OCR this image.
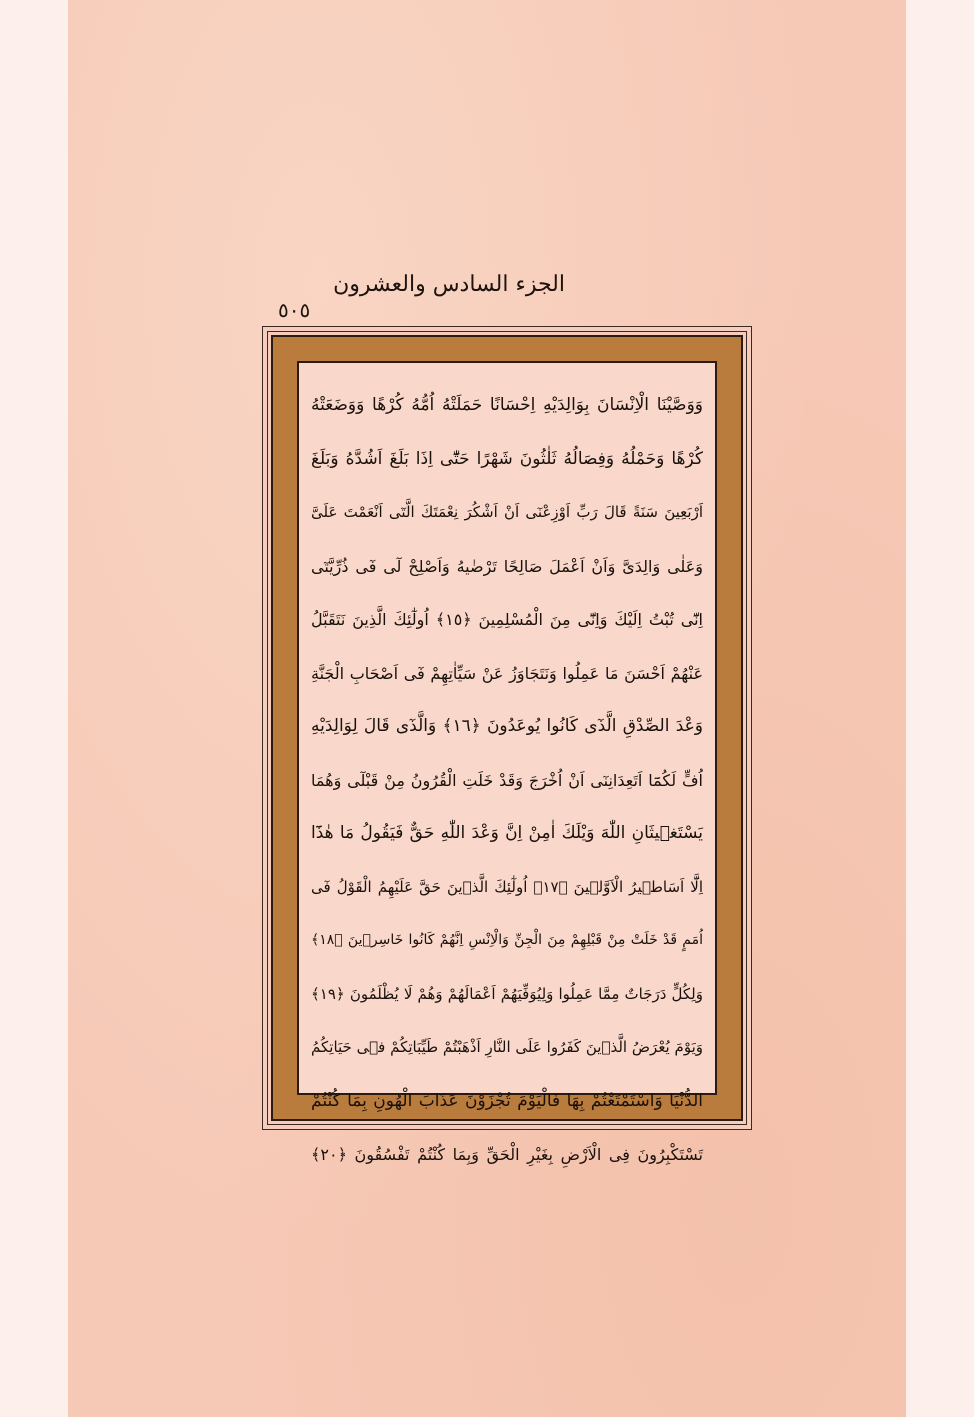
الجزء السادس والعشرون
٥٠٥
وَوَصَّيْنَا الْاِنْسَانَ بِوَالِدَيْهِ اِحْسَانًا حَمَلَتْهُ اُمُّهُ كُرْهًا وَوَضَعَتْهُ
كُرْهًا وَحَمْلُهُ وَفِصَالُهُ ثَلٰثُونَ شَهْرًا حَتّٰٓى اِذَا بَلَغَ اَشُدَّهُ وَبَلَغَ
اَرْبَعِينَ سَنَةً قَالَ رَبِّ اَوْزِعْنٓى اَنْ اَشْكُرَ نِعْمَتَكَ الَّتٓى اَنْعَمْتَ عَلَىَّ
وَعَلٰى وَالِدَىَّ وَاَنْ اَعْمَلَ صَالِحًا تَرْضٰيهُ وَاَصْلِحْ لٓى فٓى ذُرِّيَّتٓى
اِنّٓى تُبْتُ اِلَيْكَ وَاِنّٓى مِنَ الْمُسْلِمِينَ ﴿١٥﴾ اُولٰٓئِكَ الَّذِينَ نَتَقَبَّلُ
عَنْهُمْ اَحْسَنَ مَا عَمِلُوا وَنَتَجَاوَزُ عَنْ سَيِّاٰتِهِمْ فٓى اَصْحَابِ الْجَنَّةِ
وَعْدَ الصِّدْقِ الَّذٓى كَانُوا يُوعَدُونَ ﴿١٦﴾ وَالَّذٓى قَالَ لِوَالِدَيْهِ
اُفٍّ لَكُمَٓا اَتَعِدَانِنٓى اَنْ اُخْرَجَ وَقَدْ خَلَتِ الْقُرُونُ مِنْ قَبْلٓى وَهُمَا
يَسْتَغٖيثَانِ اللّٰهَ وَيْلَكَ اٰمِنْ اِنَّ وَعْدَ اللّٰهِ حَقٌّ فَيَقُولُ مَا هٰذَٓا
اِلَّٓا اَسَاطٖيرُ الْاَوَّلٖينَ ﴿١٧﴾ اُولٰٓئِكَ الَّذٖينَ حَقَّ عَلَيْهِمُ الْقَوْلُ فٓى
اُمَمٍ قَدْ خَلَتْ مِنْ قَبْلِهِمْ مِنَ الْجِنِّ وَالْاِنْسِ اِنَّهُمْ كَانُوا خَاسِرٖينَ ﴿١٨﴾
وَلِكُلٍّ دَرَجَاتٌ مِمَّا عَمِلُوا وَلِيُوَفِّيَهُمْ اَعْمَالَهُمْ وَهُمْ لَا يُظْلَمُونَ ﴿١٩﴾
وَيَوْمَ يُعْرَضُ الَّذٖينَ كَفَرُوا عَلَى النَّارِ اَذْهَبْتُمْ طَيِّبَاتِكُمْ فٖى حَيَاتِكُمُ
الدُّنْيَا وَاسْتَمْتَعْتُمْ بِهَا فَالْيَوْمَ تُجْزَوْنَ عَذَابَ الْهُونِ بِمَا كُنْتُمْ
تَسْتَكْبِرُونَ فِى الْاَرْضِ بِغَيْرِ الْحَقِّ وَبِمَا كُنْتُمْ تَفْسُقُونَ ﴿٢٠﴾
